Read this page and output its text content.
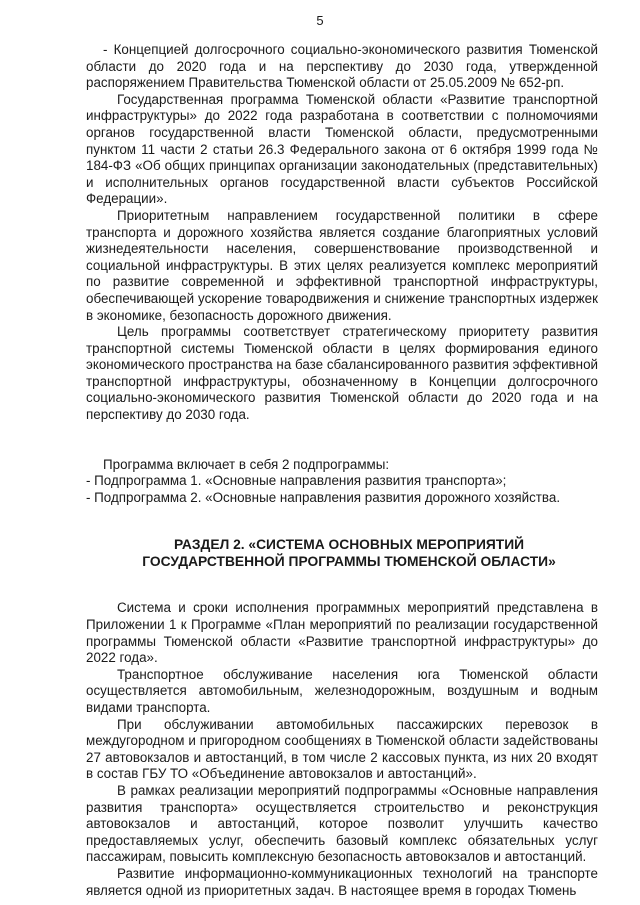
5

- Концепцией долгосрочного социально-экономического развития Тюменской области до 2020 года и на перспективу до 2030 года, утвержденной распоряжением Правительства Тюменской области от 25.05.2009 № 652-рп.

Государственная программа Тюменской области «Развитие транспортной инфраструктуры» до 2022 года разработана в соответствии с полномочиями органов государственной власти Тюменской области, предусмотренными пунктом 11 части 2 статьи 26.3 Федерального закона от 6 октября 1999 года № 184-ФЗ «Об общих принципах организации законодательных (представительных) и исполнительных органов государственной власти субъектов Российской Федерации».

Приоритетным направлением государственной политики в сфере транспорта и дорожного хозяйства является создание благоприятных условий жизнедеятельности населения, совершенствование производственной и социальной инфраструктуры. В этих целях реализуется комплекс мероприятий по развитие современной и эффективной транспортной инфраструктуры, обеспечивающей ускорение товародвижения и снижение транспортных издержек в экономике, безопасность дорожного движения.

Цель программы соответствует стратегическому приоритету развития транспортной системы Тюменской области в целях формирования единого экономического пространства на базе сбалансированного развития эффективной транспортной инфраструктуры, обозначенному в Концепции долгосрочного социально-экономического развития Тюменской области до 2020 года и на перспективу до 2030 года.

Программа включает в себя 2 подпрограммы:

- Подпрограмма 1. «Основные направления развития транспорта»;

- Подпрограмма 2. «Основные направления развития дорожного хозяйства.

РАЗДЕЛ 2. «СИСТЕМА ОСНОВНЫХ МЕРОПРИЯТИЙ
ГОСУДАРСТВЕННОЙ ПРОГРАММЫ ТЮМЕНСКОЙ ОБЛАСТИ»

Система и сроки исполнения программных мероприятий представлена в Приложении 1 к Программе «План мероприятий по реализации государственной программы Тюменской области «Развитие транспортной инфраструктуры» до 2022 года».

Транспортное обслуживание населения юга Тюменской области осуществляется автомобильным, железнодорожным, воздушным и водным видами транспорта.

При обслуживании автомобильных пассажирских перевозок в междугородном и пригородном сообщениях в Тюменской области задействованы 27 автовокзалов и автостанций, в том числе 2 кассовых пункта, из них 20 входят в состав ГБУ ТО «Объединение автовокзалов и автостанций».

В рамках реализации мероприятий подпрограммы «Основные направления развития транспорта» осуществляется строительство и реконструкция автовокзалов и автостанций, которое позволит улучшить качество предоставляемых услуг, обеспечить базовый комплекс обязательных услуг пассажирам, повысить комплексную безопасность автовокзалов и автостанций.

Развитие информационно-коммуникационных технологий на транспорте является одной из приоритетных задач. В настоящее время в городах Тюмень
